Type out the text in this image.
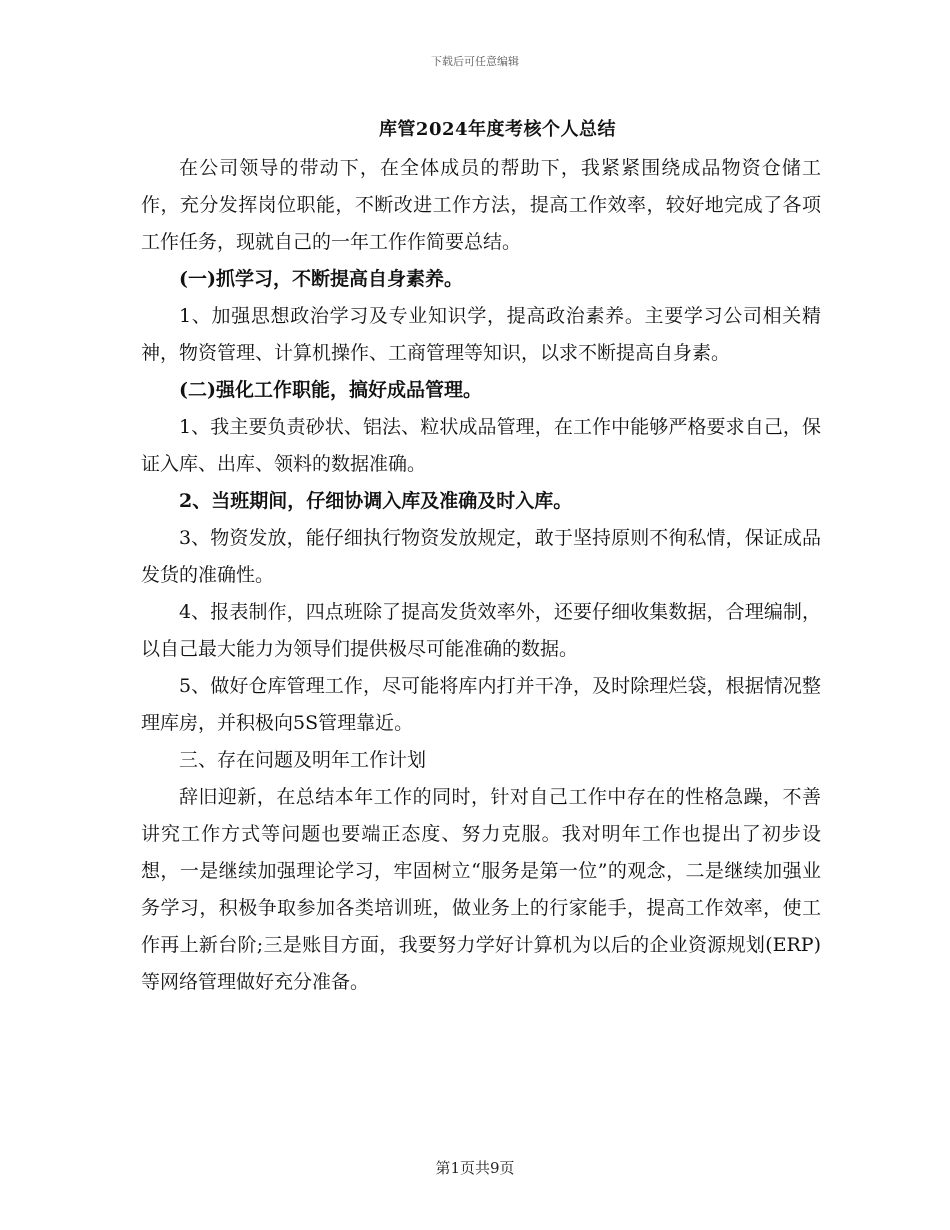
下载后可任意编辑
库管2024年度考核个人总结

在公司领导的带动下，在全体成员的帮助下，我紧紧围绕成品物资仓储工作，充分发挥岗位职能，不断改进工作方法，提高工作效率，较好地完成了各项工作任务，现就自己的一年工作作简要总结。

(一)抓学习，不断提高自身素养。

1、加强思想政治学习及专业知识学，提高政治素养。主要学习公司相关精神，物资管理、计算机操作、工商管理等知识，以求不断提高自身素。

(二)强化工作职能，搞好成品管理。

1、我主要负责砂状、铝法、粒状成品管理，在工作中能够严格要求自己，保证入库、出库、领料的数据准确。

2、当班期间，仔细协调入库及准确及时入库。

3、物资发放，能仔细执行物资发放规定，敢于坚持原则不徇私情，保证成品发货的准确性。

4、报表制作，四点班除了提高发货效率外，还要仔细收集数据，合理编制，以自己最大能力为领导们提供极尽可能准确的数据。

5、做好仓库管理工作，尽可能将库内打并干净，及时除理烂袋，根据情况整理库房，并积极向5S管理靠近。

三、存在问题及明年工作计划

辞旧迎新，在总结本年工作的同时，针对自己工作中存在的性格急躁，不善讲究工作方式等问题也要端正态度、努力克服。我对明年工作也提出了初步设想，一是继续加强理论学习，牢固树立“服务是第一位”的观念，二是继续加强业务学习，积极争取参加各类培训班，做业务上的行家能手，提高工作效率，使工作再上新台阶;三是账目方面，我要努力学好计算机为以后的企业资源规划(ERP)等网络管理做好充分准备。

第1页共9页
